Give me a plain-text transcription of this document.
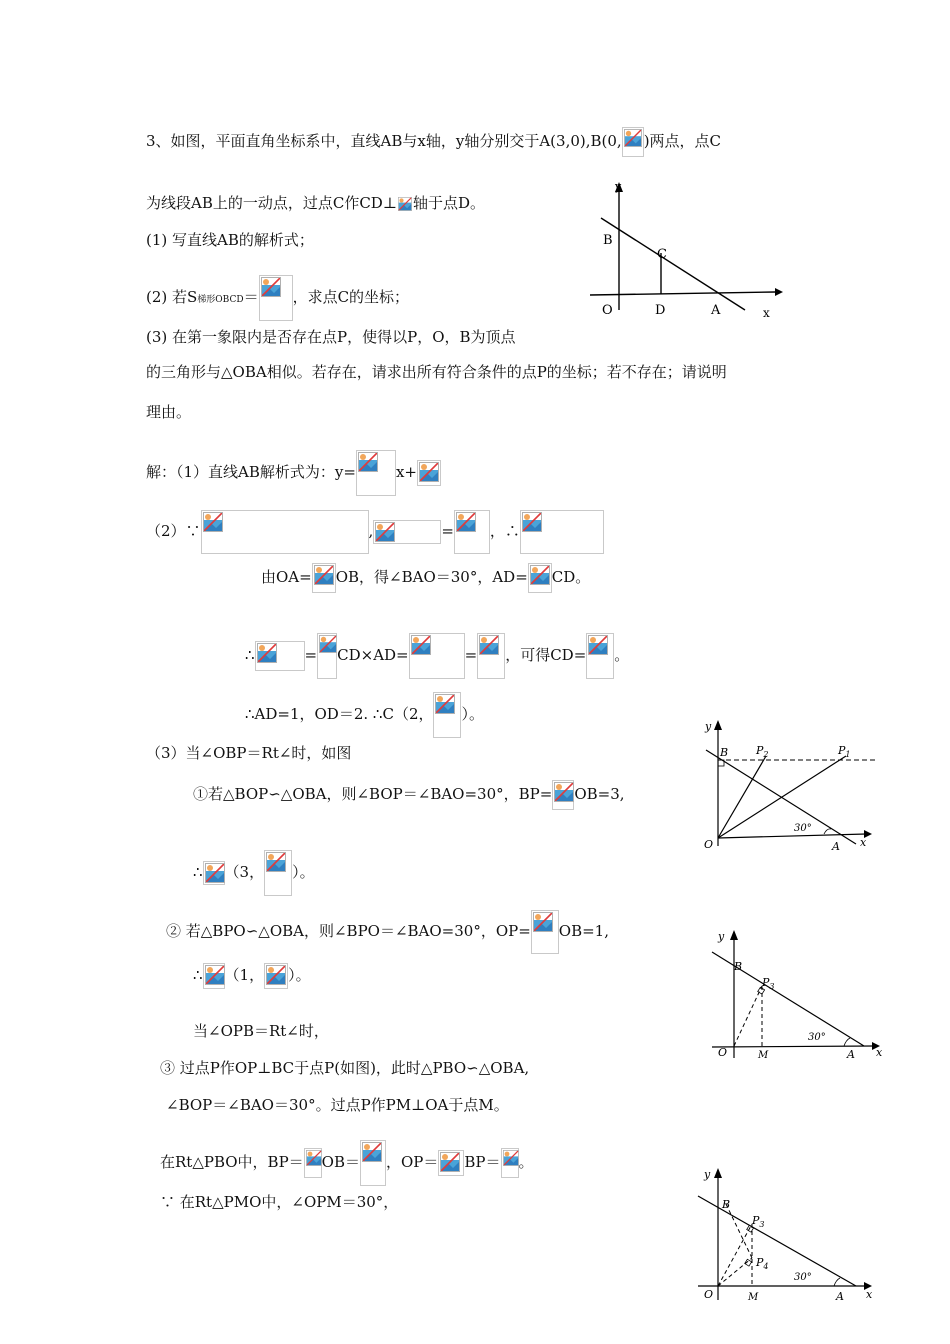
3、如图，平面直角坐标系中，直线AB与x轴，y轴分别交于A(3,0),B(0, )两点，点C
为线段AB上的一动点，过点C作CD⊥ 轴于点D。
(1) 写直线AB的解析式；
(2) 若S梯形OBCD＝ ，求点C的坐标；
(3) 在第一象限内是否存在点P，使得以P，O，B为顶点
的三角形与△OBA相似。若存在，请求出所有符合条件的点P的坐标；若不存在；请说明
理由。
y
x
O	A
B
C
D
解：（1）直线AB解析式为：y=	x+
（2）∵	,	= ，∴
由OA= OB，得∠BAO＝30°，AD= CD。
∴	= CD×AD=	= ，可得CD= 。
∴AD=1，OD＝2. ∴C（2， ）。
（3）当∠OBP＝Rt∠时，如图
①若△BOP∽△OBA，则∠BOP＝∠BAO=30°，BP= OB=3,
∴ （3， ）。
② 若△BPO∽△OBA，则∠BPO＝∠BAO=30°，OP= OB=1,
∴ （1， ）。
当∠OPB＝Rt∠时，
③ 过点P作OP⊥BC于点P(如图)，此时△PBO∽△OBA,
∠BOP＝∠BAO＝30°。过点P作PM⊥OA于点M。
在Rt△PBO中，BP＝ OB＝ ，OP＝ BP＝ 。
∵ 在Rt△PMO中，∠OPM＝30°，
y
x
O	A
B	$P_2$	$P_1$
30°
y
x
O	A
B
M
$P_3$
30°
y
x
O	A
B
M
$P_3$
$P_4$
30°
